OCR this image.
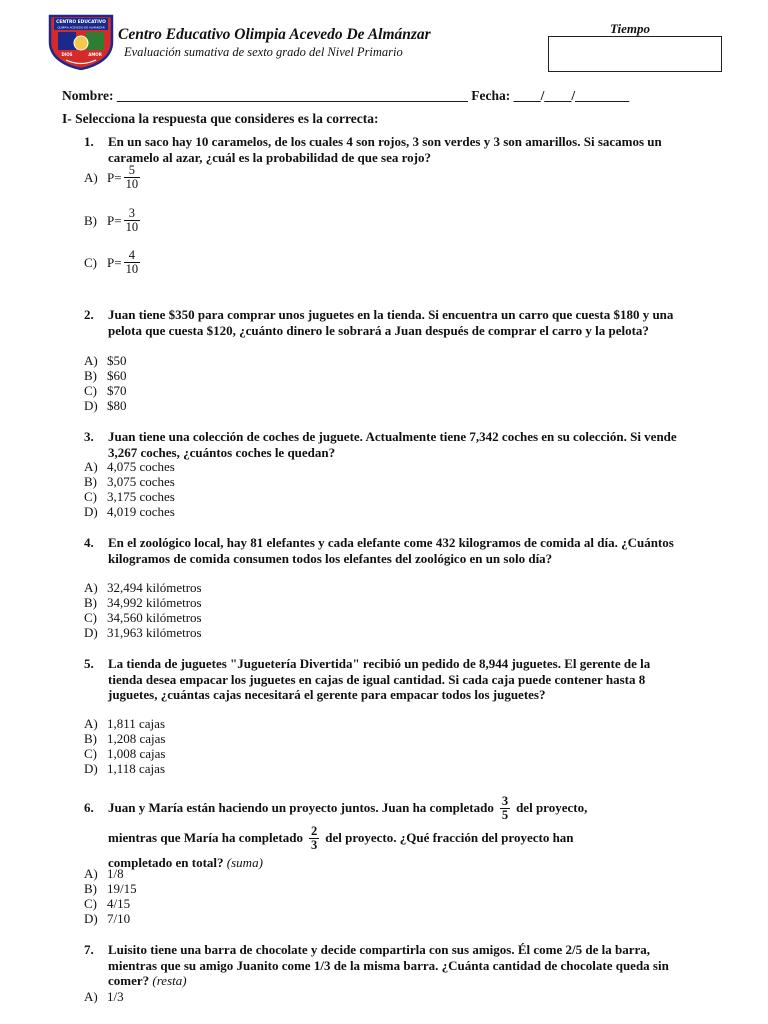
CENTRO EDUCATIVO
OLIMPIA ACEVEDO DE ALMÁNZAR
DIOS	AMOR
Centro Educativo Olimpia Acevedo De Almánzar
Evaluación sumativa de sexto grado del Nivel Primario
Tiempo
Nombre: ____________________________________________________ Fecha: ____/____/________
I- Selecciona la respuesta que consideres es la correcta:
1. En un saco hay 10 caramelos, de los cuales 4 son rojos, 3 son verdes y 3 son amarillos. Si sacamos un caramelo al azar, ¿cuál es la probabilidad de que sea rojo?
A) $P= \frac{5}{10}$
B) $P= \frac{3}{10}$
C) $P= \frac{4}{10}$
2. Juan tiene $350 para comprar unos juguetes en la tienda. Si encuentra un carro que cuesta $180 y una pelota que cuesta $120, ¿cuánto dinero le sobrará a Juan después de comprar el carro y la pelota?
A) $50
B) $60
C) $70
D) $80
3. Juan tiene una colección de coches de juguete. Actualmente tiene 7,342 coches en su colección. Si vende 3,267 coches, ¿cuántos coches le quedan?
A) 4,075 coches
B) 3,075 coches
C) 3,175 coches
D) 4,019 coches
4. En el zoológico local, hay 81 elefantes y cada elefante come 432 kilogramos de comida al día. ¿Cuántos kilogramos de comida consumen todos los elefantes del zoológico en un solo día?
A) 32,494 kilómetros
B) 34,992 kilómetros
C) 34,560 kilómetros
D) 31,963 kilómetros
5. La tienda de juguetes "Juguetería Divertida" recibió un pedido de 8,944 juguetes. El gerente de la tienda desea empacar los juguetes en cajas de igual cantidad. Si cada caja puede contener hasta 8 juguetes, ¿cuántas cajas necesitará el gerente para empacar todos los juguetes?
A) 1,811 cajas
B) 1,208 cajas
C) 1,008 cajas
D) 1,118 cajas
6. Juan y María están haciendo un proyecto juntos. Juan ha completado $\frac{3}{5}$ del proyecto,
mientras que María ha completado $\frac{2}{3}$ del proyecto. ¿Qué fracción del proyecto han
completado en total? (suma)
A) 1/8
B) 19/15
C) 4/15
D) 7/10
7. Luisito tiene una barra de chocolate y decide compartirla con sus amigos. Él come 2/5 de la barra, mientras que su amigo Juanito come 1/3 de la misma barra. ¿Cuánta cantidad de chocolate queda sin comer? (resta)
A) 1/3
